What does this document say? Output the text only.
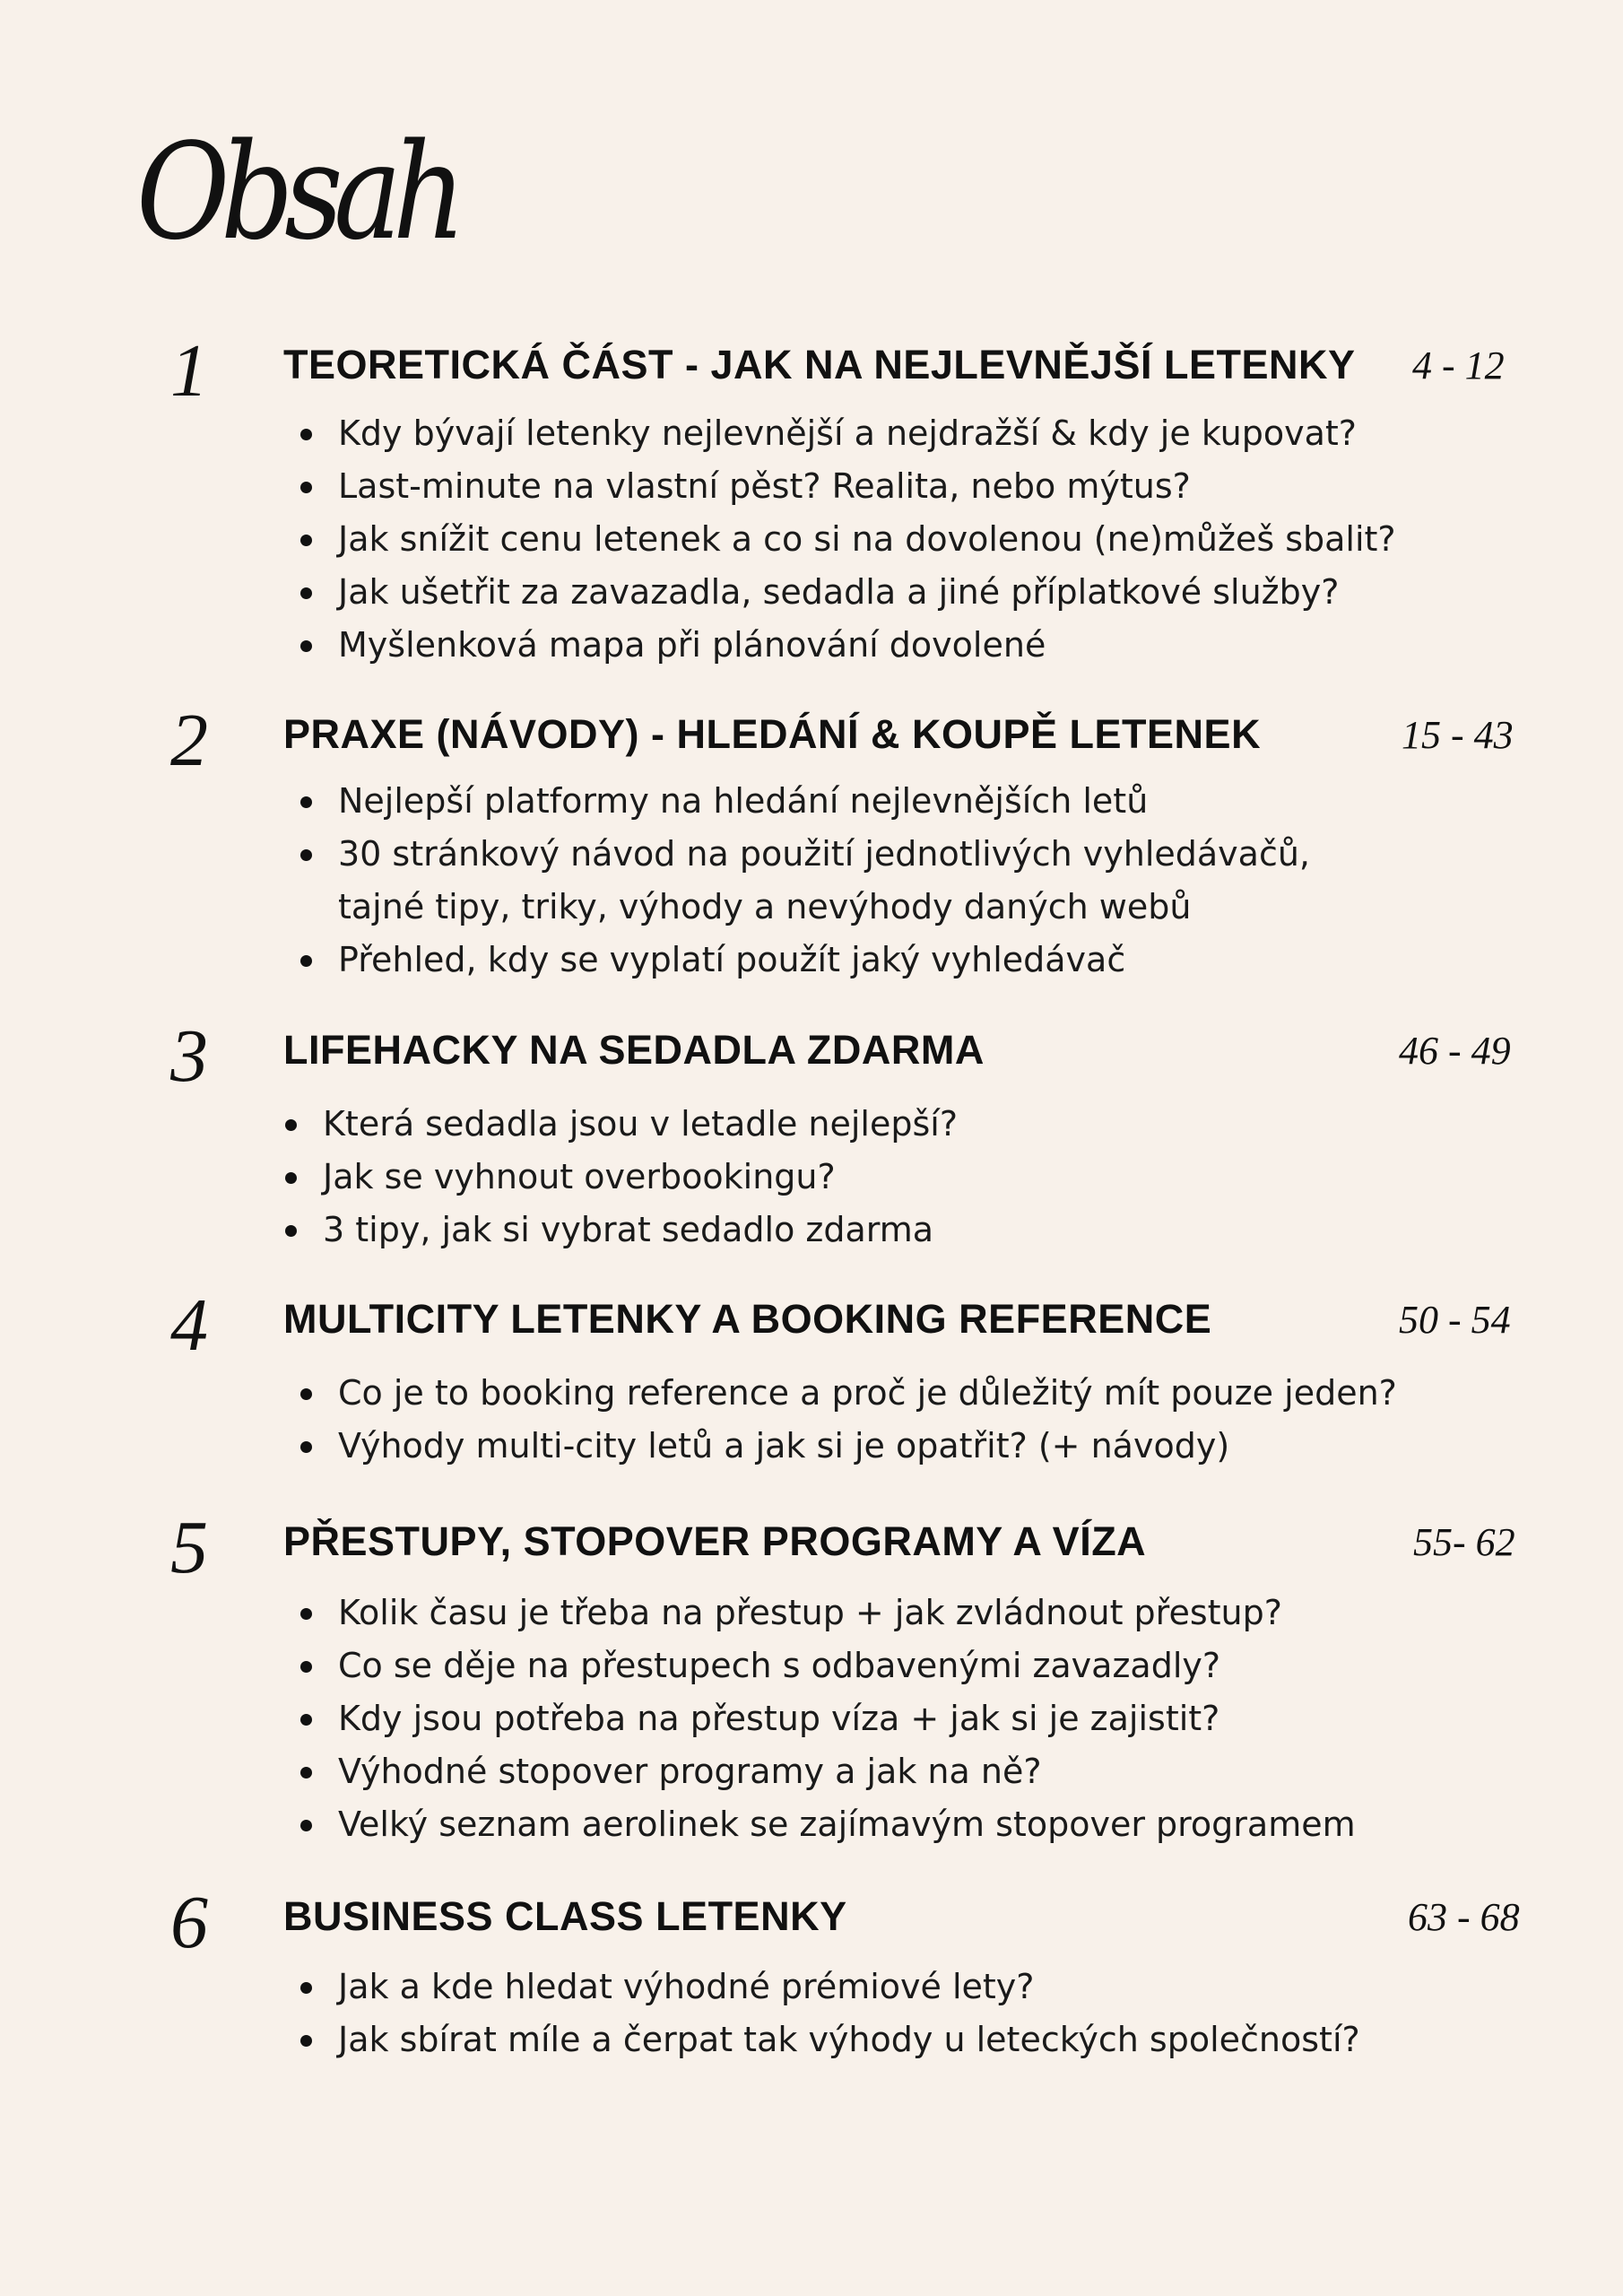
Obsah
1 TEORETICKÁ ČÁST - JAK NA NEJLEVNĚJŠÍ LETENKY 4 - 12
Kdy bývají letenky nejlevnější a nejdražší & kdy je kupovat?
Last-minute na vlastní pěst? Realita, nebo mýtus?
Jak snížit cenu letenek a co si na dovolenou (ne)můžeš sbalit?
Jak ušetřit za zavazadla, sedadla a jiné příplatkové služby?
Myšlenková mapa při plánování dovolené
2 PRAXE (NÁVODY) - HLEDÁNÍ & KOUPĚ LETENEK	15 - 43
Nejlepší platformy na hledání nejlevnějších letů
30 stránkový návod na použití jednotlivých vyhledávačů,
tajné tipy, triky, výhody a nevýhody daných webů
Přehled, kdy se vyplatí použít jaký vyhledávač
3 LIFEHACKY NA SEDADLA ZDARMA	46 - 49
Která sedadla jsou v letadle nejlepší?
Jak se vyhnout overbookingu?
3 tipy, jak si vybrat sedadlo zdarma
4 MULTICITY LETENKY A BOOKING REFERENCE	50 - 54
Co je to booking reference a proč je důležitý mít pouze jeden?
Výhody multi-city letů a jak si je opatřit? (+ návody)
5 PŘESTUPY, STOPOVER PROGRAMY A VÍZA	55- 62
Kolik času je třeba na přestup + jak zvládnout přestup?
Co se děje na přestupech s odbavenými zavazadly?
Kdy jsou potřeba na přestup víza + jak si je zajistit?
Výhodné stopover programy a jak na ně?
Velký seznam aerolinek se zajímavým stopover programem
6 BUSINESS CLASS LETENKY	63 - 68
Jak a kde hledat výhodné prémiové lety?
Jak sbírat míle a čerpat tak výhody u leteckých společností?
